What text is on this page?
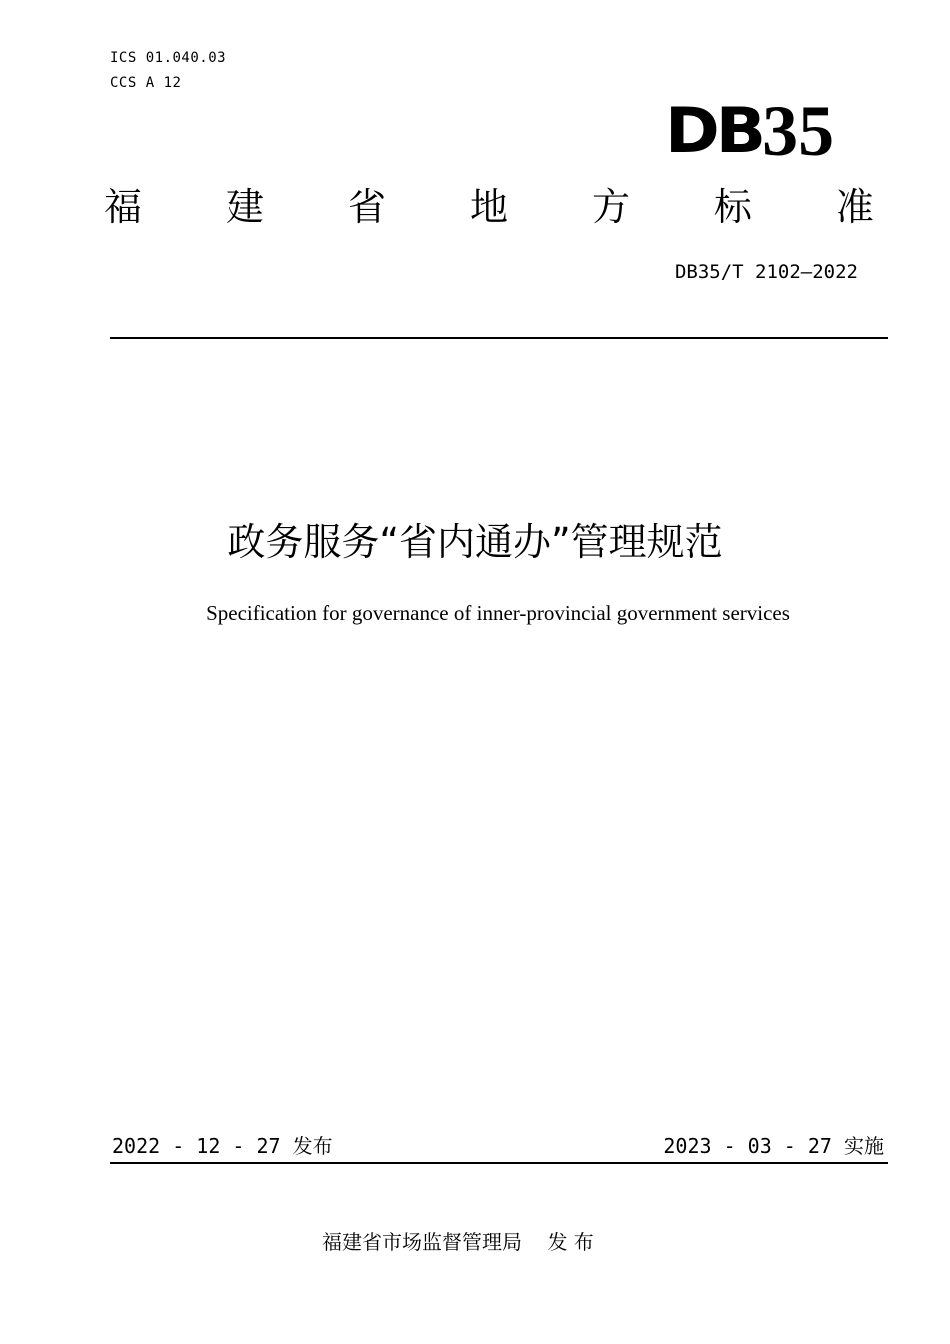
ICS 01.040.03
CCS A 12
DB 35
福 建 省 地 方 标 准
DB35/T 2102—2022
政务服务“省内通办”管理规范
Specification for governance of inner-provincial government services
2022 - 12 - 27 发布	2023 - 03 - 27 实施
福建省市场监督管理局 发 布
